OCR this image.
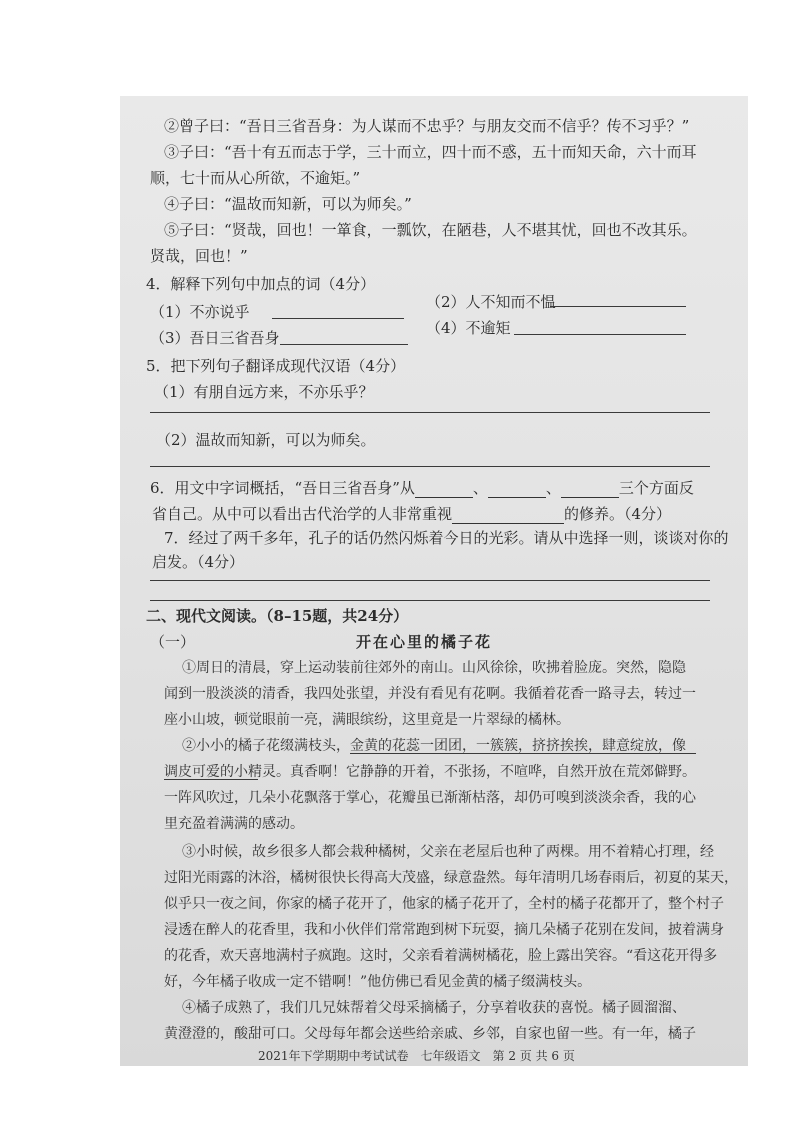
②曾子曰：“吾日三省吾身：为人谋而不忠乎？与朋友交而不信乎？传不习乎？”
③子曰：“吾十有五而志于学，三十而立，四十而不惑，五十而知天命，六十而耳
顺，七十而从心所欲，不逾矩。”
④子曰：“温故而知新，可以为师矣。”
⑤子曰：“贤哉，回也！一箪食，一瓢饮，在陋巷，人不堪其忧，回也不改其乐。
贤哉，回也！”
4．解释下列句中加点的词（4分）
（1）不亦说乎
（2）人不知而不愠
（3）吾日三省吾身
（4）不逾矩
5．把下列句子翻译成现代汉语（4分）
（1）有朋自远方来，不亦乐乎？
（2）温故而知新，可以为师矣。
6．用文中字词概括，“吾日三省吾身”从	、	、	三个方面反
省自己。从中可以看出古代治学的人非常重视	的修养。（4分）
7．经过了两千多年，孔子的话仍然闪烁着今日的光彩。请从中选择一则，谈谈对你的
启发。（4分）
二、现代文阅读。（8–15题，共24分）
（一）	开在心里的橘子花
①周日的清晨，穿上运动装前往郊外的南山。山风徐徐，吹拂着脸庞。突然，隐隐
闻到一股淡淡的清香，我四处张望，并没有看见有花啊。我循着花香一路寻去，转过一
座小山坡，顿觉眼前一亮，满眼缤纷，这里竟是一片翠绿的橘林。
②小小的橘子花缀满枝头，金黄的花蕊一团团，一簇簇，挤挤挨挨，肆意绽放，像
调皮可爱的小精灵。真香啊！它静静的开着，不张扬，不喧哗，自然开放在荒郊僻野。
一阵风吹过，几朵小花飘落于掌心，花瓣虽已渐渐枯落，却仍可嗅到淡淡余香，我的心
里充盈着满满的感动。
③小时候，故乡很多人都会栽种橘树，父亲在老屋后也种了两棵。用不着精心打理，经
过阳光雨露的沐浴，橘树很快长得高大茂盛，绿意盎然。每年清明几场春雨后，初夏的某天，
似乎只一夜之间，你家的橘子花开了，他家的橘子花开了，全村的橘子花都开了，整个村子
浸透在醉人的花香里，我和小伙伴们常常跑到树下玩耍，摘几朵橘子花别在发间，披着满身
的花香，欢天喜地满村子疯跑。这时，父亲看着满树橘花，脸上露出笑容。“看这花开得多
好，今年橘子收成一定不错啊！”他仿佛已看见金黄的橘子缀满枝头。
④橘子成熟了，我们几兄妹帮着父母采摘橘子，分享着收获的喜悦。橘子圆溜溜、
黄澄澄的，酸甜可口。父母每年都会送些给亲戚、乡邻，自家也留一些。有一年，橘子
2021年下学期期中考试试卷　七年级语文　第 2 页 共 6 页
